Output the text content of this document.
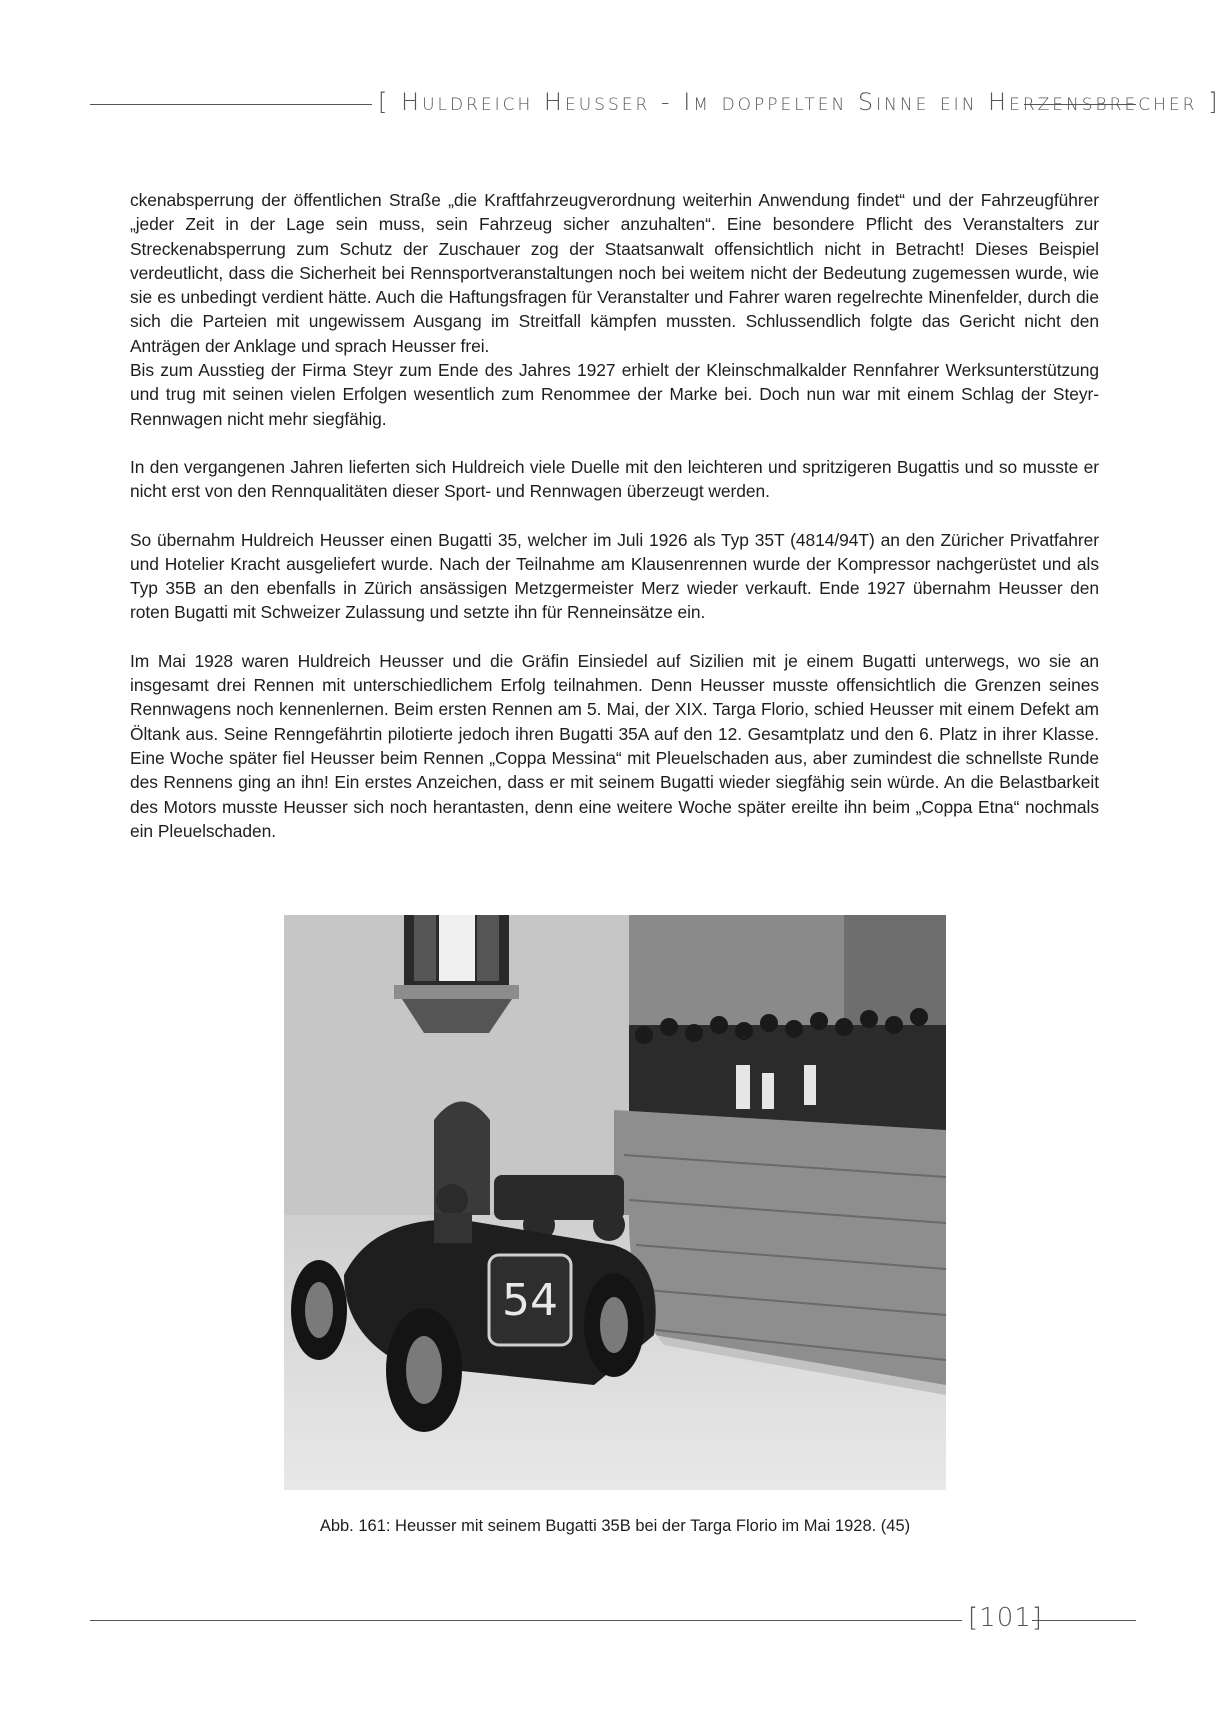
[ Huldreich Heusser - Im doppelten Sinne ein Herzensbrecher ]

ckenabsperrung der öffentlichen Straße „die Kraftfahrzeugverordnung weiterhin Anwendung findet“ und der Fahrzeugführer „jeder Zeit in der Lage sein muss, sein Fahrzeug sicher anzuhalten“. Eine besondere Pflicht des Veranstalters zur Streckenabsperrung zum Schutz der Zuschauer zog der Staatsanwalt offensichtlich nicht in Betracht! Dieses Beispiel verdeutlicht, dass die Sicherheit bei Rennsportveranstaltungen noch bei weitem nicht der Bedeutung zugemessen wurde, wie sie es unbedingt verdient hätte. Auch die Haftungsfragen für Veranstalter und Fahrer waren regelrechte Minenfelder, durch die sich die Parteien mit ungewissem Ausgang im Streitfall kämpfen mussten. Schlussendlich folgte das Gericht nicht den Anträgen der Anklage und sprach Heusser frei.

Bis zum Ausstieg der Firma Steyr zum Ende des Jahres 1927 erhielt der Kleinschmalkalder Rennfahrer Werksunterstützung und trug mit seinen vielen Erfolgen wesentlich zum Renommee der Marke bei. Doch nun war mit einem Schlag der Steyr-Rennwagen nicht mehr siegfähig.

In den vergangenen Jahren lieferten sich Huldreich viele Duelle mit den leichteren und spritzigeren Bugattis und so musste er nicht erst von den Rennqualitäten dieser Sport- und Rennwagen überzeugt werden.

So übernahm Huldreich Heusser einen Bugatti 35, welcher im Juli 1926 als Typ 35T (4814/94T) an den Züricher Privatfahrer und Hotelier Kracht ausgeliefert wurde. Nach der Teilnahme am Klausenrennen wurde der Kompressor nachgerüstet und als Typ 35B an den ebenfalls in Zürich ansässigen Metzgermeister Merz wieder verkauft. Ende 1927 übernahm Heusser den roten Bugatti mit Schweizer Zulassung und setzte ihn für Renneinsätze ein.

Im Mai 1928 waren Huldreich Heusser und die Gräfin Einsiedel auf Sizilien mit je einem Bugatti unterwegs, wo sie an insgesamt drei Rennen mit unterschiedlichem Erfolg teilnahmen. Denn Heusser musste offensichtlich die Grenzen seines Rennwagens noch kennenlernen. Beim ersten Rennen am 5. Mai, der XIX. Targa Florio, schied Heusser mit einem Defekt am Öltank aus. Seine Renngefährtin pilotierte jedoch ihren Bugatti 35A auf den 12. Gesamtplatz und den 6. Platz in ihrer Klasse. Eine Woche später fiel Heusser beim Rennen „Coppa Messina“ mit Pleuelschaden aus, aber zumindest die schnellste Runde des Rennens ging an ihn! Ein erstes Anzeichen, dass er mit seinem Bugatti wieder siegfähig sein würde. An die Belastbarkeit des Motors musste Heusser sich noch herantasten, denn eine weitere Woche später ereilte ihn beim „Coppa Etna“ nochmals ein Pleuelschaden.

54
Abb. 161: Heusser mit seinem Bugatti 35B bei der Targa Florio im Mai 1928. (45)
[101]
